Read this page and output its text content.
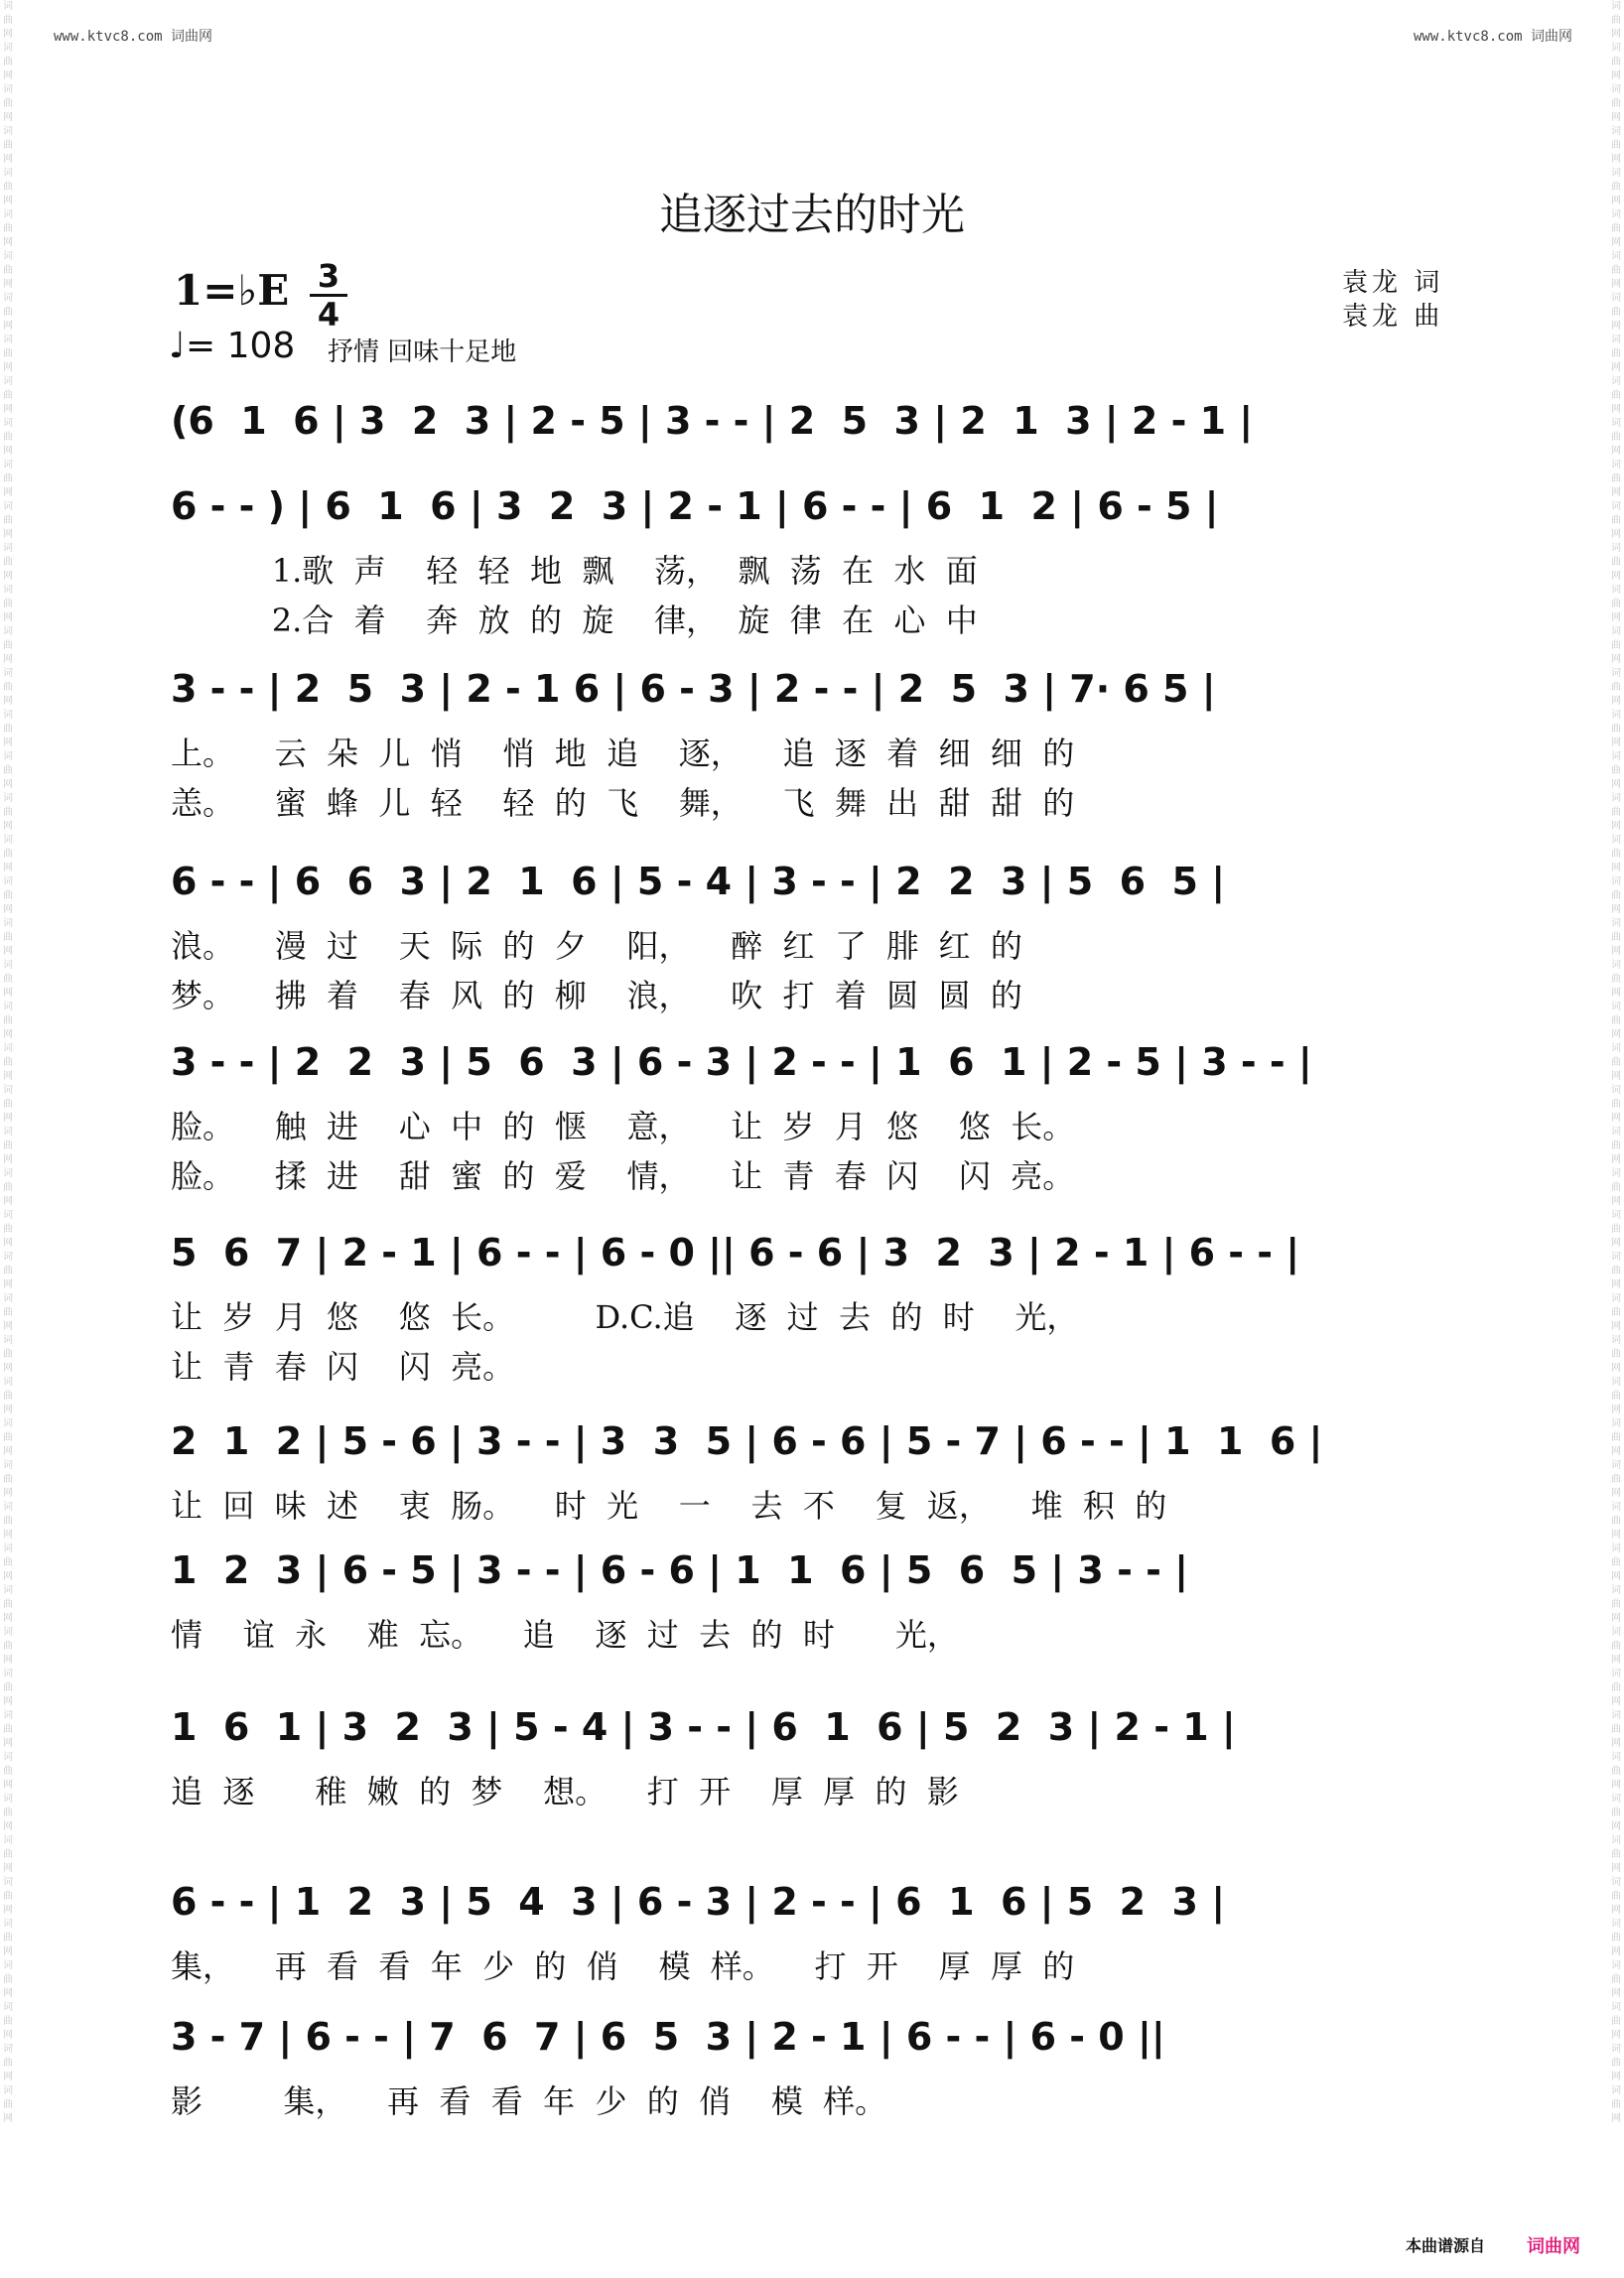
词曲网词曲网词曲网词曲网词曲网词曲网词曲网词曲网词曲网词曲网词曲网词曲网词曲网词曲网词曲网词曲网词曲网词曲网词曲网词曲网词曲网词曲网词曲网词曲网词曲网词曲网词曲网词曲网词曲网词曲网词曲网词曲网词曲网词曲网词曲网词曲网词曲网词曲网词曲网词曲网词曲网词曲网词曲网词曲网词曲网词曲网词曲网词曲网词曲网词曲网词曲网
词曲网词曲网词曲网词曲网词曲网词曲网词曲网词曲网词曲网词曲网词曲网词曲网词曲网词曲网词曲网词曲网词曲网词曲网词曲网词曲网词曲网词曲网词曲网词曲网词曲网词曲网词曲网词曲网词曲网词曲网词曲网词曲网词曲网词曲网词曲网词曲网词曲网词曲网词曲网词曲网词曲网词曲网词曲网词曲网词曲网词曲网词曲网词曲网词曲网词曲网词曲网
www.ktvc8.com 词曲网	www.ktvc8.com 词曲网
追逐过去的时光
1=♭E 3
4
♩= 108 抒情 回味十足地
袁龙 词
袁龙 曲
(6  1  6 | 3  2  3 | 2 - 5 | 3 - - | 2  5  3 | 2  1  3 | 2 - 1 |
6 - - ) | 6  1  6 | 3  2  3 | 2 - 1 | 6 - - | 6  1  2 | 6 - 5 |
1.歌  声    轻  轻  地  飘    荡，  飘  荡  在  水  面
2.合  着    奔  放  的  旋    律，  旋  律  在  心  中
3 - - | 2  5  3 | 2 - 1 6 | 6 - 3 | 2 - - | 2  5  3 | 7· 6 5 |
上。    云  朵  儿  悄    悄  地  追    逐，    追  逐  着  细  细  的
恙。    蜜  蜂  儿  轻    轻  的  飞    舞，    飞  舞  出  甜  甜  的
6 - - | 6  6  3 | 2  1  6 | 5 - 4 | 3 - - | 2  2  3 | 5  6  5 |
浪。    漫  过    天  际  的  夕    阳，    醉  红  了  腓  红  的
梦。    拂  着    春  风  的  柳    浪，    吹  打  着  圆  圆  的
3 - - | 2  2  3 | 5  6  3 | 6 - 3 | 2 - - | 1  6  1 | 2 - 5 | 3 - - |
脸。    触  进    心  中  的  惬    意，    让  岁  月  悠    悠  长。
脸。    揉  进    甜  蜜  的  爱    情，    让  青  春  闪    闪  亮。
5  6  7 | 2 - 1 | 6 - - | 6 - 0 || 6 - 6 | 3  2  3 | 2 - 1 | 6 - - |
让  岁  月  悠    悠  长。        D.C.追    逐  过  去  的  时    光，
让  青  春  闪    闪  亮。
2  1  2 | 5 - 6 | 3 - - | 3  3  5 | 6 - 6 | 5 - 7 | 6 - - | 1  1  6 |
让  回  味  述    衷  肠。    时  光    一    去  不    复  返，    堆  积  的
1  2  3 | 6 - 5 | 3 - - | 6 - 6 | 1  1  6 | 5  6  5 | 3 - - |
情    谊  永    难  忘。    追    逐  过  去  的  时      光，
1  6  1 | 3  2  3 | 5 - 4 | 3 - - | 6  1  6 | 5  2  3 | 2 - 1 |
追  逐      稚  嫩  的  梦    想。    打  开    厚  厚  的  影
6 - - | 1  2  3 | 5  4  3 | 6 - 3 | 2 - - | 6  1  6 | 5  2  3 |
集，    再  看  看  年  少  的  俏    模  样。    打  开    厚  厚  的
3 - 7 | 6 - - | 7  6  7 | 6  5  3 | 2 - 1 | 6 - - | 6 - 0 ||
影        集，    再  看  看  年  少  的  俏    模  样。
本曲谱源自 词曲网
